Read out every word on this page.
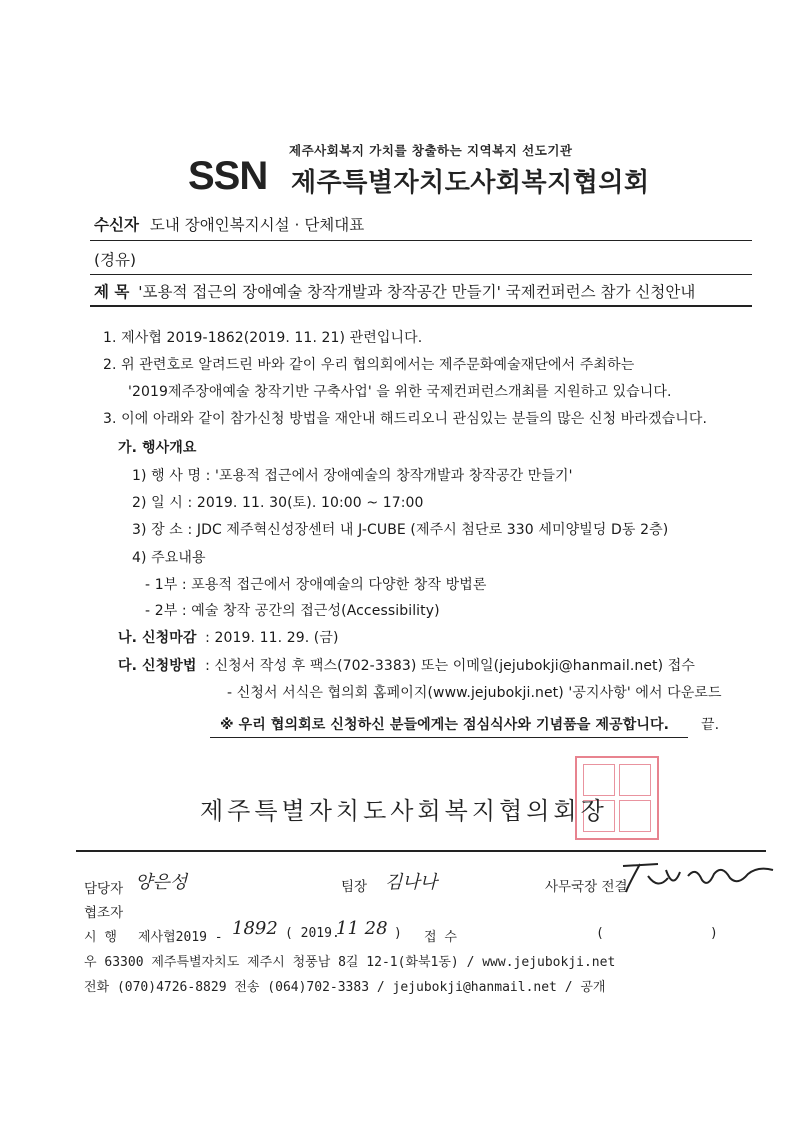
제주사회복지 가치를 창출하는 지역복지 선도기관
SSN 제주특별자치도사회복지협의회
수신자 도내 장애인복지시설 · 단체대표
(경유)
제 목 '포용적 접근의 장애예술 창작개발과 창작공간 만들기' 국제컨퍼런스 참가 신청안내
1. 제사협 2019-1862(2019. 11. 21) 관련입니다.
2. 위 관련호로 알려드린 바와 같이 우리 협의회에서는 제주문화예술재단에서 주최하는
'2019제주장애예술 창작기반 구축사업' 을 위한 국제컨퍼런스개최를 지원하고 있습니다.
3. 이에 아래와 같이 참가신청 방법을 재안내 해드리오니 관심있는 분들의 많은 신청 바라겠습니다.
가. 행사개요
1) 행 사 명 : '포용적 접근에서 장애예술의 창작개발과 창작공간 만들기'
2) 일 시 : 2019. 11. 30(토). 10:00 ~ 17:00
3) 장 소 : JDC 제주혁신성장센터 내 J-CUBE (제주시 첨단로 330 세미양빌딩 D동 2층)
4) 주요내용
- 1부 : 포용적 접근에서 장애예술의 다양한 창작 방법론
- 2부 : 예술 창작 공간의 접근성(Accessibility)
나. 신청마감 : 2019. 11. 29. (금)
다. 신청방법 : 신청서 작성 후 팩스(702-3383) 또는 이메일(jejubokji@hanmail.net) 접수
- 신청서 서식은 협의회 홈페이지(www.jejubokji.net) '공지사항' 에서 다운로드
※ 우리 협의회로 신청하신 분들에게는 점심식사와 기념품을 제공합니다. 끝.
제주특별자치도사회복지협의회장
담당자 양은성	팀장 김나나	사무국장 전결
협조자
시 행 제사협2019 - 1892 ( 2019.
11 28 ) 접 수	(	)
우 63300 제주특별자치도 제주시 청풍남 8길 12-1(화북1동) / www.jejubokji.net
전화 (070)4726-8829 전송 (064)702-3383 / jejubokji@hanmail.net / 공개
